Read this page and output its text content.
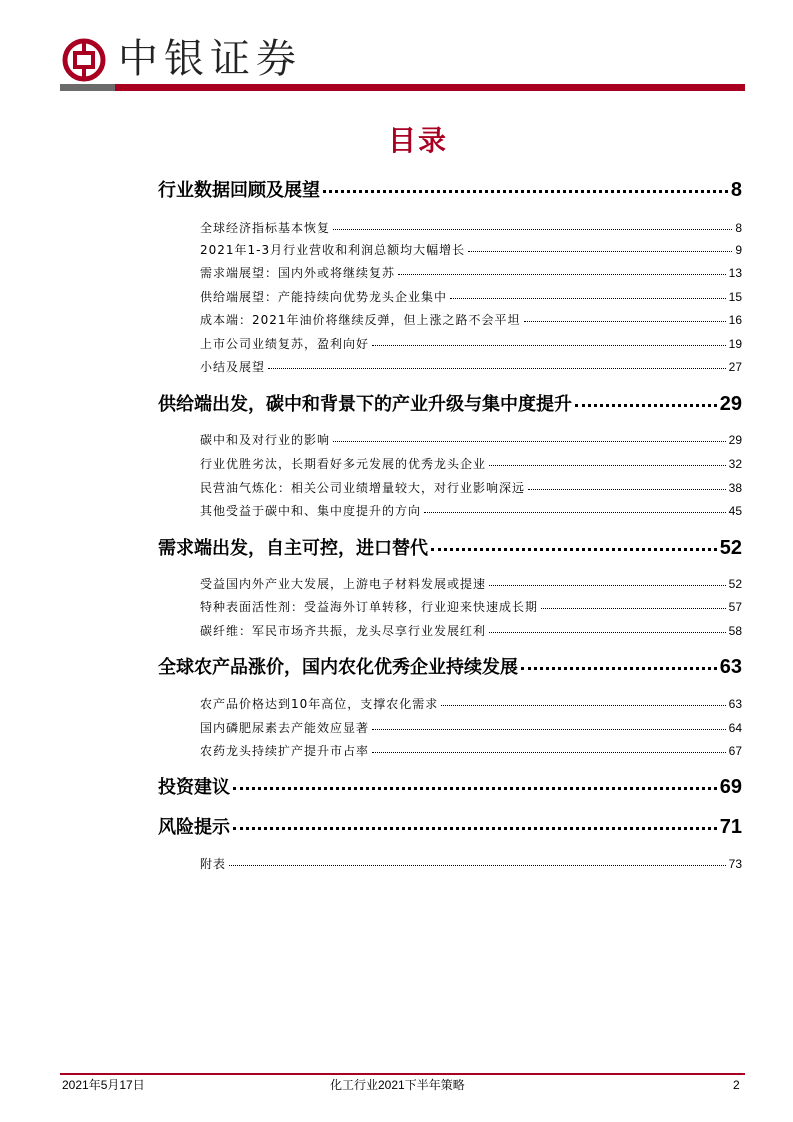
中银证券
目录
行业数据回顾及展望	8
全球经济指标基本恢复	8
2021年1-3月行业营收和利润总额均大幅增长	9
需求端展望：国内外或将继续复苏	13
供给端展望：产能持续向优势龙头企业集中	15
成本端：2021年油价将继续反弹，但上涨之路不会平坦	16
上市公司业绩复苏，盈利向好	19
小结及展望	27
供给端出发，碳中和背景下的产业升级与集中度提升	29
碳中和及对行业的影响	29
行业优胜劣汰，长期看好多元发展的优秀龙头企业	32
民营油气炼化：相关公司业绩增量较大，对行业影响深远	38
其他受益于碳中和、集中度提升的方向	45
需求端出发，自主可控，进口替代	52
受益国内外产业大发展，上游电子材料发展或提速	52
特种表面活性剂：受益海外订单转移，行业迎来快速成长期	57
碳纤维：军民市场齐共振，龙头尽享行业发展红利	58
全球农产品涨价，国内农化优秀企业持续发展	63
农产品价格达到10年高位，支撑农化需求	63
国内磷肥尿素去产能效应显著	64
农药龙头持续扩产提升市占率	67
投资建议	69
风险提示	71
附表	73
2021年5月17日	化工行业2021下半年策略	2
